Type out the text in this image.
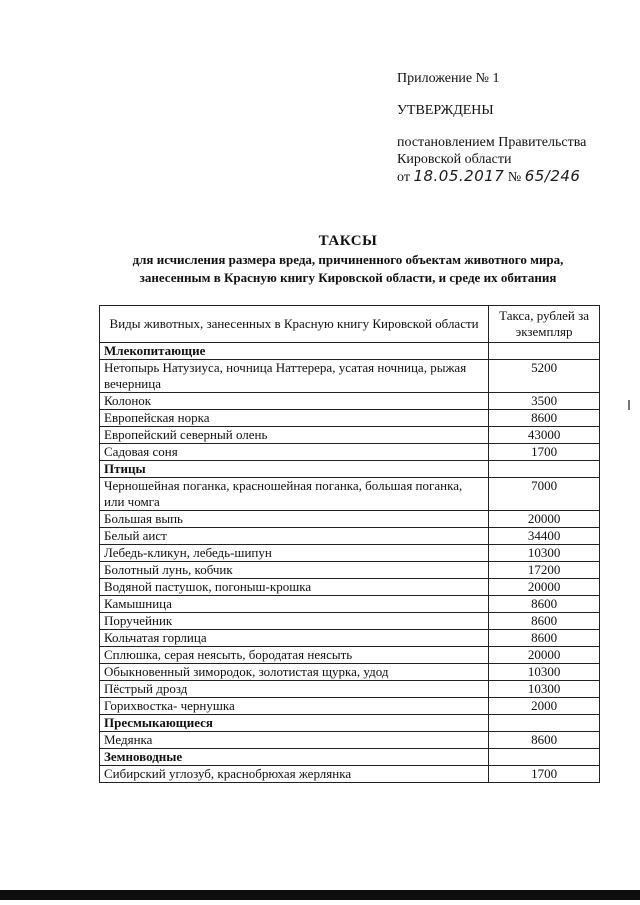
Приложение № 1
УТВЕРЖДЕНЫ
постановлением Правительства
Кировской области
от 18.05.2017 № 65/246
ТАКСЫ
для исчисления размера вреда, причиненного объектам животного мира,
занесенным в Красную книгу Кировской области, и среде их обитания
Виды животных, занесенных в Красную книгу Кировской области	Такса, рублей за экземпляр
Млекопитающие	
Нетопырь Натузиуса, ночница Наттерера, усатая ночница, рыжая вечерница	5200
Колонок	3500
Европейская норка	8600
Европейский северный олень	43000
Садовая соня	1700
Птицы	
Черношейная поганка, красношейная поганка, большая поганка, или чомга	7000
Большая выпь	20000
Белый аист	34400
Лебедь-кликун, лебедь-шипун	10300
Болотный лунь, кобчик	17200
Водяной пастушок, погоныш-крошка	20000
Камышница	8600
Поручейник	8600
Кольчатая горлица	8600
Сплюшка, серая неясыть, бородатая неясыть	20000
Обыкновенный зимородок, золотистая щурка, удод	10300
Пёстрый дрозд	10300
Горихвостка- чернушка	2000
Пресмыкающиеся	
Медянка	8600
Земноводные	
Сибирский углозуб, краснобрюхая жерлянка	1700
